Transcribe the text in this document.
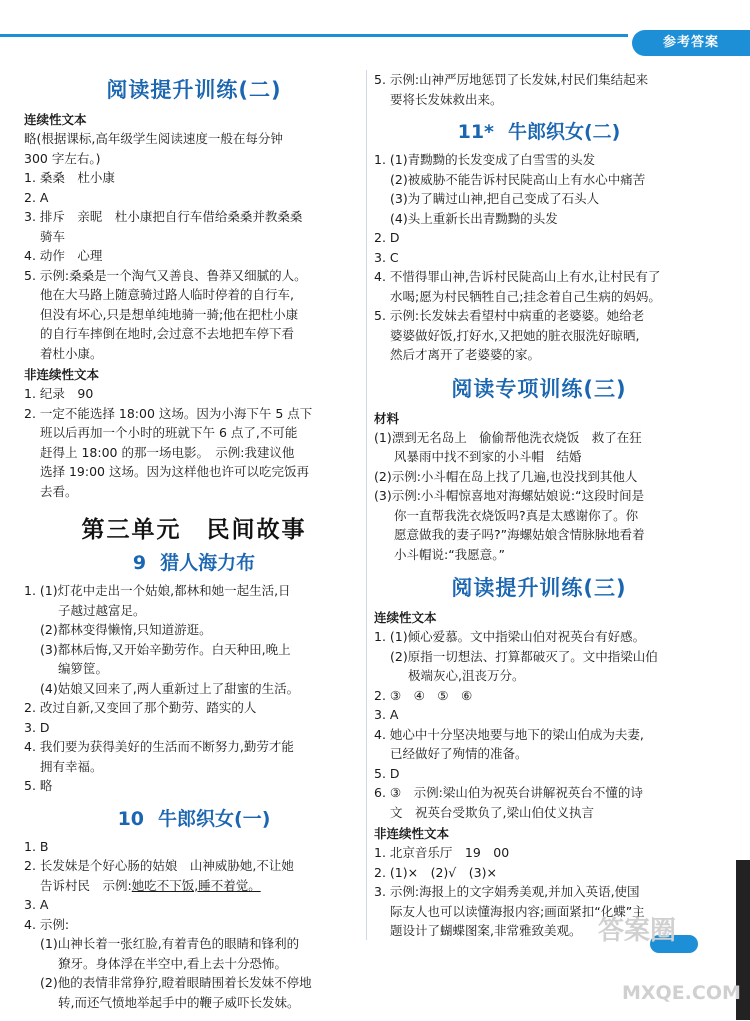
参考答案
阅读提升训练(二)
连续性文本

略(根据课标,高年级学生阅读速度一般在每分钟

300 字左右。)

1. 桑桑　杜小康

2. A

3. 排斥　亲昵　杜小康把自行车借给桑桑并教桑桑

骑车

4. 动作　心理

5. 示例:桑桑是一个淘气又善良、鲁莽又细腻的人。

他在大马路上随意骑过路人临时停着的自行车,

但没有坏心,只是想单纯地骑一骑;他在把杜小康

的自行车摔倒在地时,会过意不去地把车停下看

着杜小康。

非连续性文本

1. 纪录　90

2. 一定不能选择 18:00 这场。因为小海下午 5 点下

班以后再加一个小时的班就下午 6 点了,不可能

赶得上 18:00 的那一场电影。　示例:我建议他

选择 19:00 这场。因为这样他也许可以吃完饭再

去看。

第三单元　民间故事
9 猎人海力布

1. (1)灯花中走出一个姑娘,都林和她一起生活,日

子越过越富足。

(2)都林变得懒惰,只知道游逛。

(3)都林后悔,又开始辛勤劳作。白天种田,晚上

编箩筐。

(4)姑娘又回来了,两人重新过上了甜蜜的生活。

2. 改过自新,又变回了那个勤劳、踏实的人

3. D

4. 我们要为获得美好的生活而不断努力,勤劳才能

拥有幸福。

5. 略

10 牛郎织女(一)

1. B

2. 长发妹是个好心肠的姑娘　山神威胁她,不让她

告诉村民　示例:她吃不下饭,睡不着觉。

3. A

4. 示例:

(1)山神长着一张红脸,有着青色的眼睛和锋利的

獠牙。身体浮在半空中,看上去十分恐怖。

(2)他的表情非常狰狞,瞪着眼睛围着长发妹不停地

转,而还气愤地举起手中的鞭子威吓长发妹。

5. 示例:山神严厉地惩罚了长发妹,村民们集结起来

要将长发妹救出来。

11* 牛郎织女(二)

1. (1)青黝黝的长发变成了白雪雪的头发

(2)被威胁不能告诉村民陡高山上有水心中痛苦

(3)为了瞒过山神,把自己变成了石头人

(4)头上重新长出青黝黝的头发

2. D

3. C

4. 不惜得罪山神,告诉村民陡高山上有水,让村民有了

水喝;愿为村民牺牲自己;挂念着自己生病的妈妈。

5. 示例:长发妹去看望村中病重的老婆婆。她给老

婆婆做好饭,打好水,又把她的脏衣服洗好晾晒,

然后才离开了老婆婆的家。

阅读专项训练(三)
材料

(1)漂到无名岛上　偷偷帮他洗衣烧饭　救了在狂

风暴雨中找不到家的小斗帽　结婚

(2)示例:小斗帽在岛上找了几遍,也没找到其他人

(3)示例:小斗帽惊喜地对海螺姑娘说:“这段时间是

你一直帮我洗衣烧饭吗?真是太感谢你了。你

愿意做我的妻子吗?”海螺姑娘含情脉脉地看着

小斗帽说:“我愿意。”

阅读提升训练(三)
连续性文本

1. (1)倾心爱慕。文中指梁山伯对祝英台有好感。

(2)原指一切想法、打算都破灭了。文中指梁山伯

极端灰心,沮丧万分。

2. ③　④　⑤　⑥

3. A

4. 她心中十分坚决地要与地下的梁山伯成为夫妻,

已经做好了殉情的准备。

5. D

6. ③　示例:梁山伯为祝英台讲解祝英台不懂的诗

文　祝英台受欺负了,梁山伯仗义执言

非连续性文本

1. 北京音乐厅　19　00

2. (1)×　(2)√　(3)×

3. 示例:海报上的文字娟秀美观,并加入英语,使国

际友人也可以读懂海报内容;画面紧扣“化蝶”主

题设计了蝴蝶图案,非常雅致美观。 答案圈
MXQE.COM
